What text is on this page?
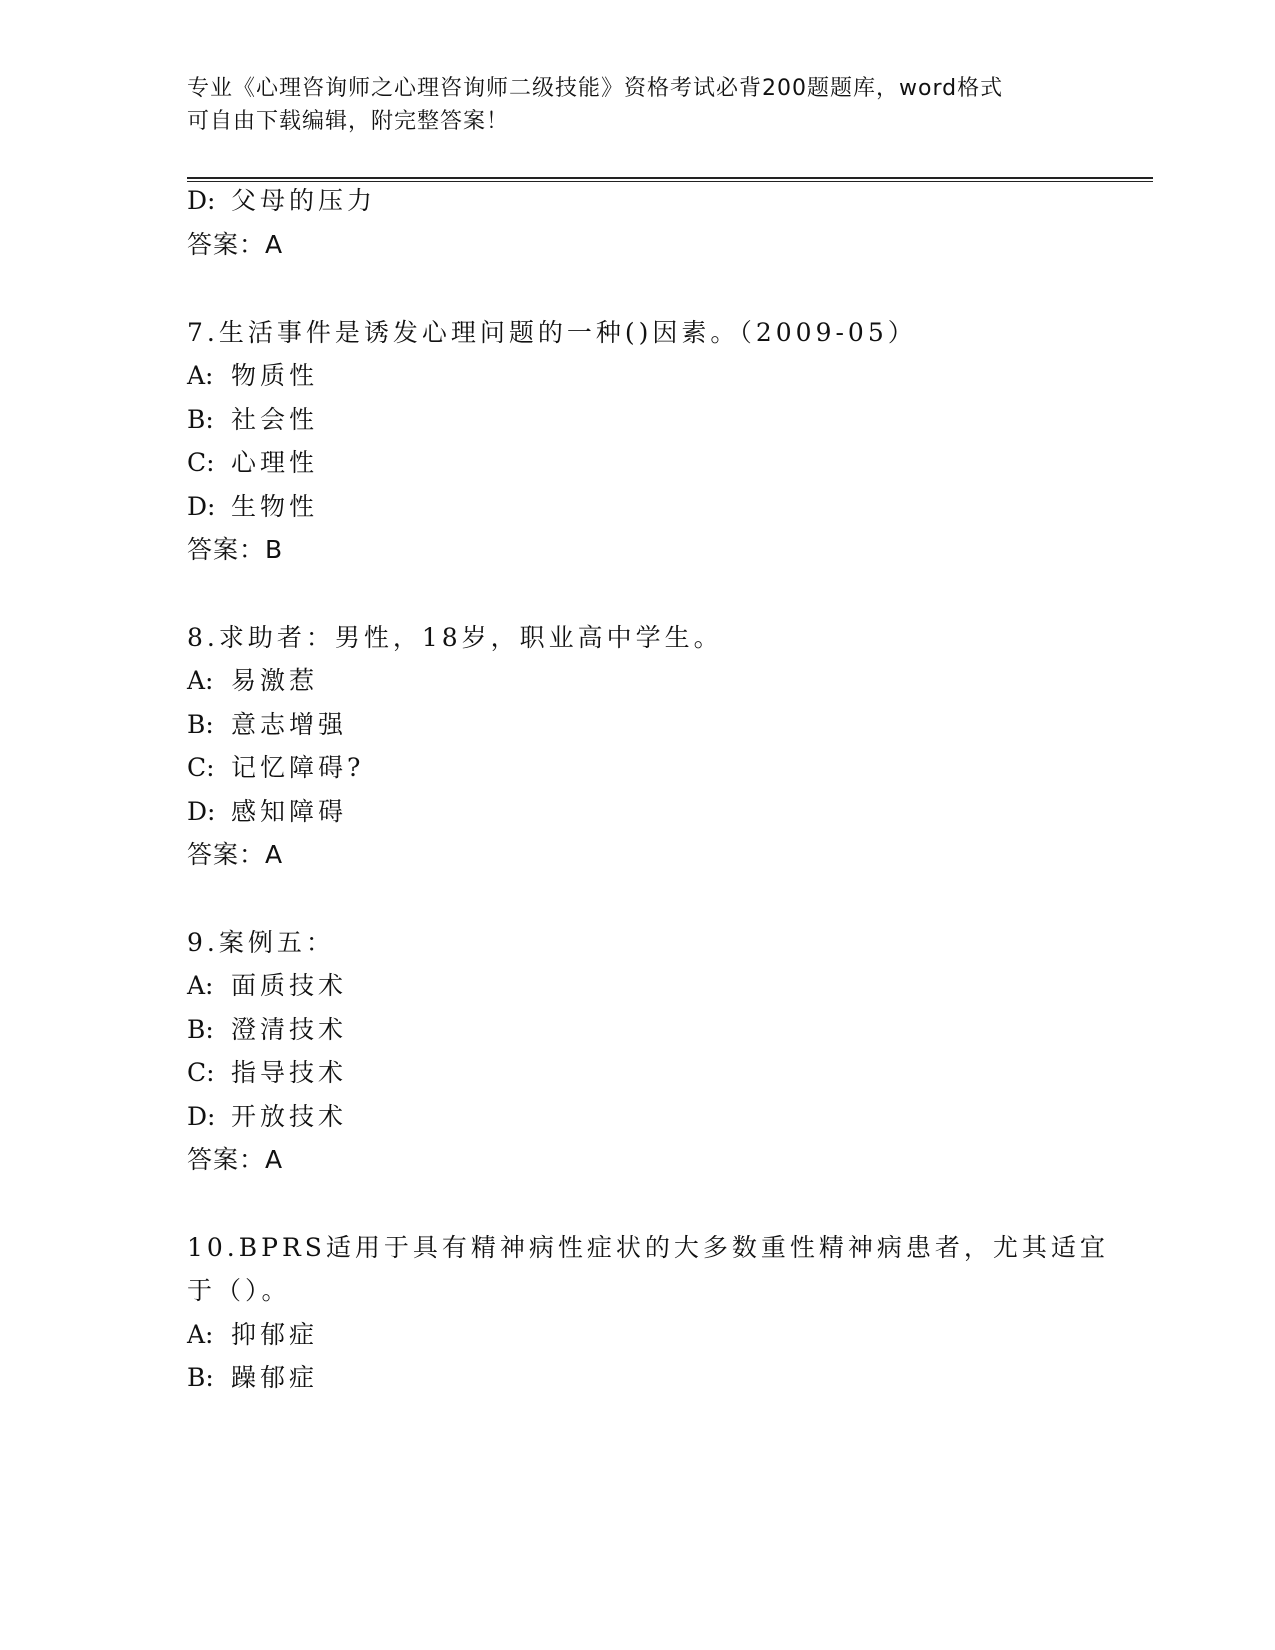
专业《心理咨询师之心理咨询师二级技能》资格考试必背200题题库，word格式
可自由下载编辑，附完整答案！
D: 父母的压力
答案：A
7.生活事件是诱发心理问题的一种()因素。（2009-05）
A: 物质性
B: 社会性
C: 心理性
D: 生物性
答案：B
8.求助者：男性，18岁，职业高中学生。
A: 易激惹
B: 意志增强
C: 记忆障碍?
D: 感知障碍
答案：A
9.案例五：
A: 面质技术
B: 澄清技术
C: 指导技术
D: 开放技术
答案：A
10.BPRS适用于具有精神病性症状的大多数重性精神病患者，尤其适宜
于（）。
A: 抑郁症
B: 躁郁症
